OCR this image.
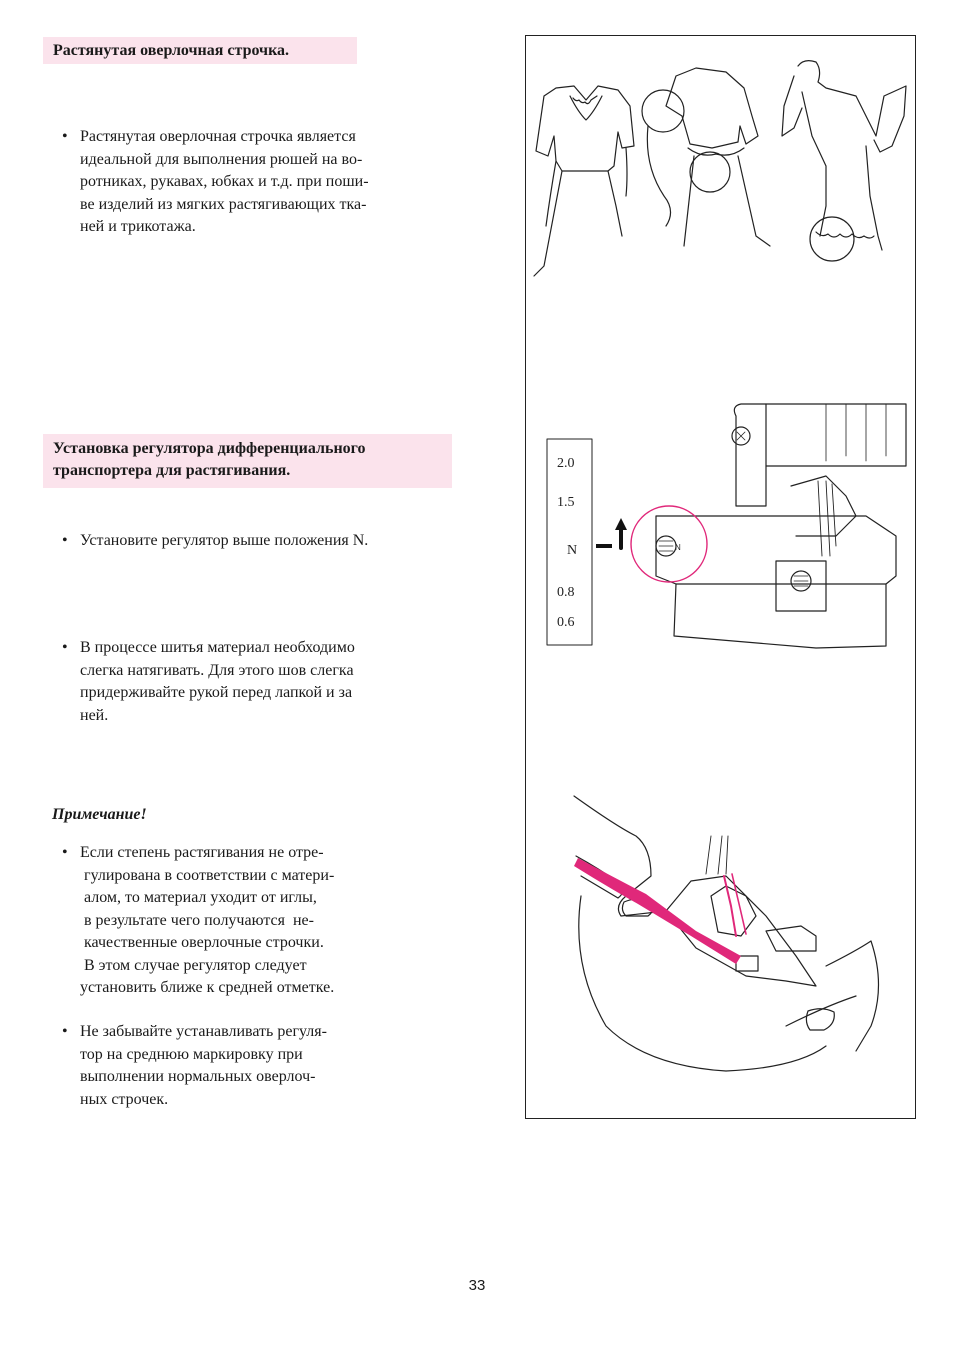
Растянутая оверлочная строчка.
• Растянутая оверлочная строчка является
идеальной для выполнения рюшей на во-
ротниках, рукавах, юбках и т.д. при поши-
ве изделий из мягких растягивающих тка-
ней и трикотажа.
Установка регулятора дифференциального
транспортера для растягивания.
• Установите регулятор выше положения N.
• В процессе шитья материал необходимо
слегка натягивать. Для этого шов слегка
придерживайте рукой перед лапкой и за
ней.
Примечание!
• Если степень растягивания не отре-
гулирована в соответствии с матери-
алом, то материал уходит от иглы,
в результате чего получаются  не-
качественные оверлочные строчки.
В этом случае регулятор следует
установить ближе к средней отметке.
• Не забывайте устанавливать регуля-
тор на среднюю маркировку при
выполнении нормальных оверлоч-
ных строчек.
2.0
1.5
N
0.8
0.6
N
33
